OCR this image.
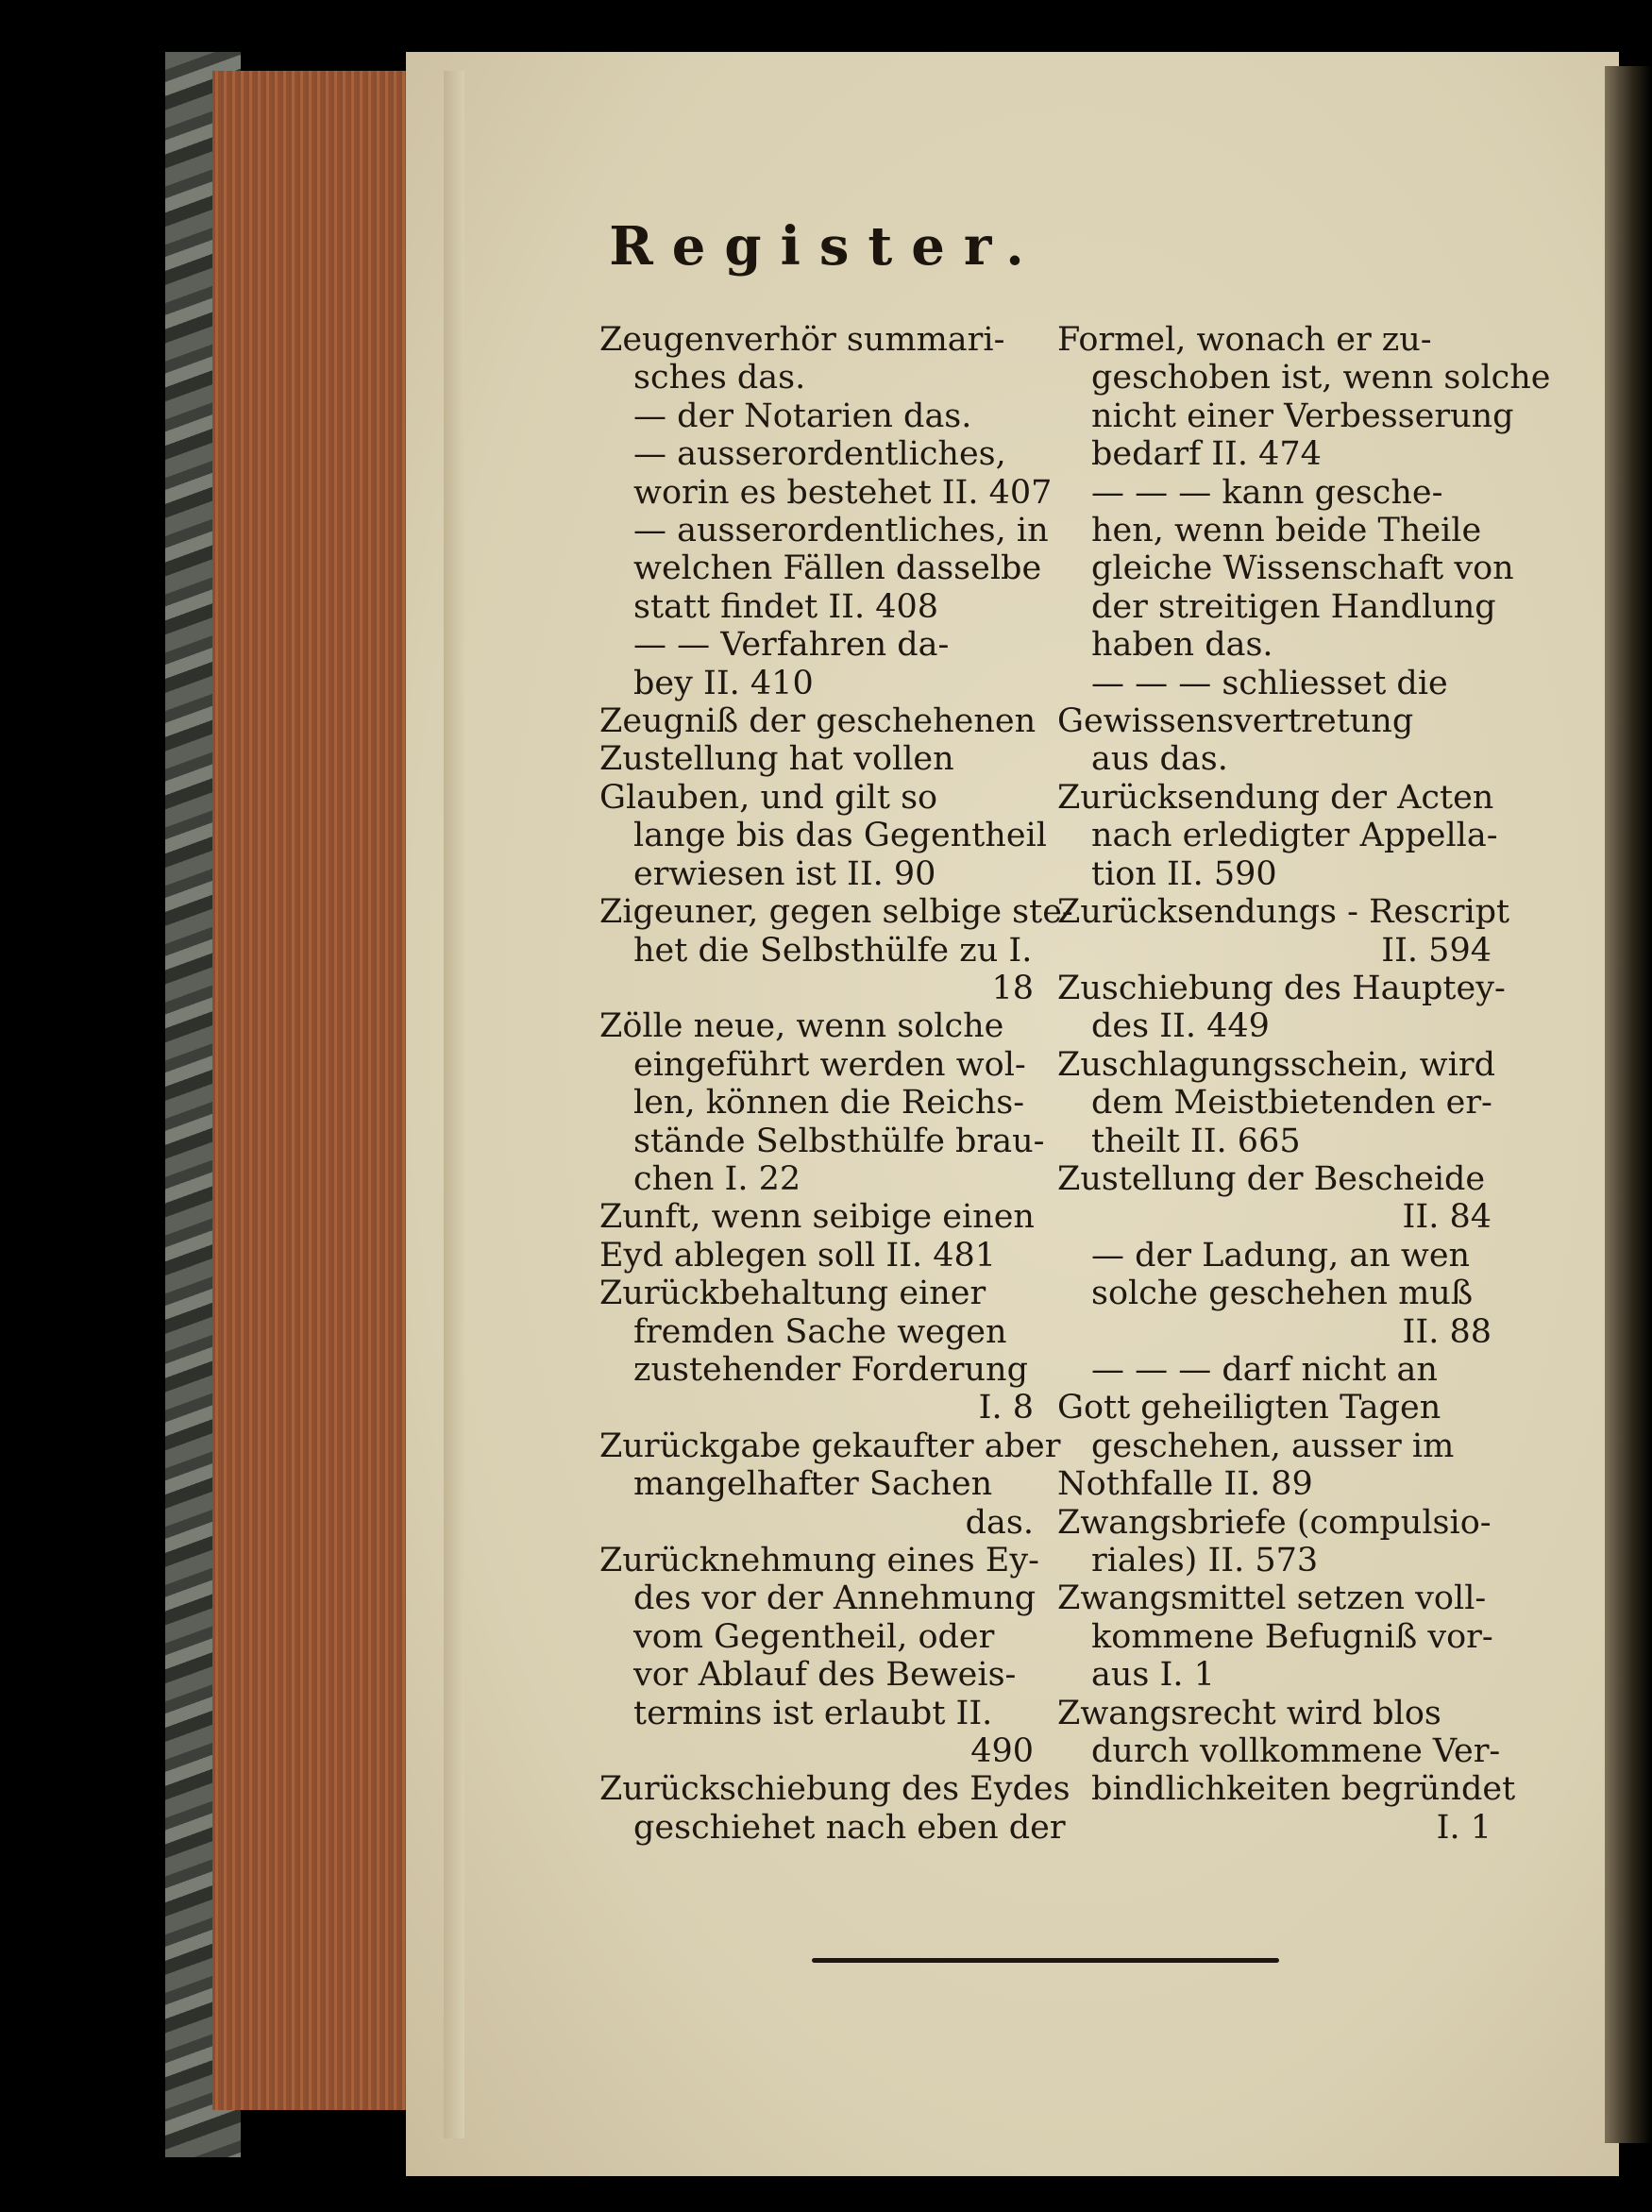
Register.
Zeugenverhör summari-
sches das.
— der Notarien das.
— ausserordentliches,
worin es bestehet II. 407
— ausserordentliches, in
welchen Fällen dasselbe
statt findet II. 408
— — Verfahren da-
bey II. 410
Zeugniß der geschehenen
Zustellung hat vollen
Glauben, und gilt so
lange bis das Gegentheil
erwiesen ist II. 90
Zigeuner, gegen selbige ste-
het die Selbsthülfe zu I.
18
Zölle neue, wenn solche
eingeführt werden wol-
len, können die Reichs-
stände Selbsthülfe brau-
chen I. 22
Zunft, wenn seibige einen
Eyd ablegen soll II. 481
Zurückbehaltung einer
fremden Sache wegen
zustehender Forderung
I. 8
Zurückgabe gekaufter aber
mangelhafter Sachen
das.
Zurücknehmung eines Ey-
des vor der Annehmung
vom Gegentheil, oder
vor Ablauf des Beweis-
termins ist erlaubt II.
490
Zurückschiebung des Eydes
geschiehet nach eben der
Formel, wonach er zu-
geschoben ist, wenn solche
nicht einer Verbesserung
bedarf II. 474
— — — kann gesche-
hen, wenn beide Theile
gleiche Wissenschaft von
der streitigen Handlung
haben das.
— — — schliesset die
Gewissensvertretung
aus das.
Zurücksendung der Acten
nach erledigter Appella-
tion II. 590
Zurücksendungs - Rescript
II. 594
Zuschiebung des Hauptey-
des II. 449
Zuschlagungsschein, wird
dem Meistbietenden er-
theilt II. 665
Zustellung der Bescheide
II. 84
— der Ladung, an wen
solche geschehen muß
II. 88
— — — darf nicht an
Gott geheiligten Tagen
geschehen, ausser im
Nothfalle II. 89
Zwangsbriefe (compulsio-
riales) II. 573
Zwangsmittel setzen voll-
kommene Befugniß vor-
aus I. 1
Zwangsrecht wird blos
durch vollkommene Ver-
bindlichkeiten begründet
I. 1
